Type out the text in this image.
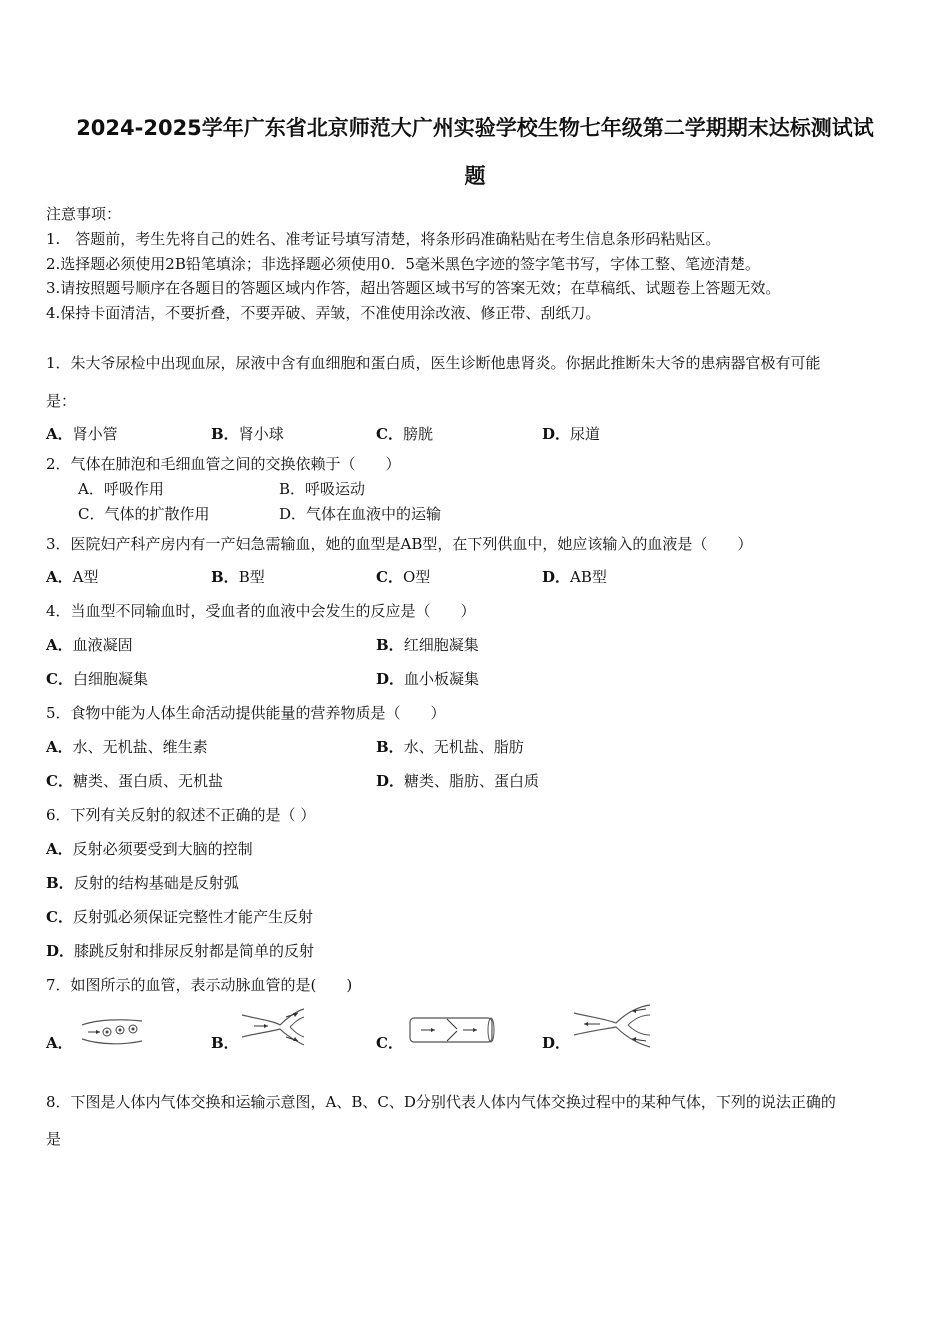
2024-2025学年广东省北京师范大广州实验学校生物七年级第二学期期末达标测试试
题
注意事项：
1.　答题前，考生先将自己的姓名、准考证号填写清楚，将条形码准确粘贴在考生信息条形码粘贴区。
2.选择题必须使用2B铅笔填涂；非选择题必须使用0．5毫米黑色字迹的签字笔书写，字体工整、笔迹清楚。
3.请按照题号顺序在各题目的答题区域内作答，超出答题区域书写的答案无效；在草稿纸、试题卷上答题无效。
4.保持卡面清洁，不要折叠，不要弄破、弄皱，不准使用涂改液、修正带、刮纸刀。
1．朱大爷尿检中出现血尿，尿液中含有血细胞和蛋白质，医生诊断他患肾炎。你据此推断朱大爷的患病器官极有可能
是：
A．肾小管	B．肾小球	C．膀胱	D．尿道
2．气体在肺泡和毛细血管之间的交换依赖于（　　）
A．呼吸作用	B．呼吸运动
C．气体的扩散作用	D．气体在血液中的运输
3．医院妇产科产房内有一产妇急需输血，她的血型是AB型，在下列供血中，她应该输入的血液是（　　）
A．A型	B．B型	C．O型	D．AB型
4．当血型不同输血时，受血者的血液中会发生的反应是（　　）
A．血液凝固	B．红细胞凝集
C．白细胞凝集	D．血小板凝集
5．食物中能为人体生命活动提供能量的营养物质是（　　）
A．水、无机盐、维生素	B．水、无机盐、脂肪
C．糖类、蛋白质、无机盐	D．糖类、脂肪、蛋白质
6．下列有关反射的叙述不正确的是（ ）
A．反射必须要受到大脑的控制
B．反射的结构基础是反射弧
C．反射弧必须保证完整性才能产生反射
D．膝跳反射和排尿反射都是简单的反射
7．如图所示的血管，表示动脉血管的是(　　)
A．	B．	C．	D．
8．下图是人体内气体交换和运输示意图，A、B、C、D分别代表人体内气体交换过程中的某种气体，下列的说法正确的
是
